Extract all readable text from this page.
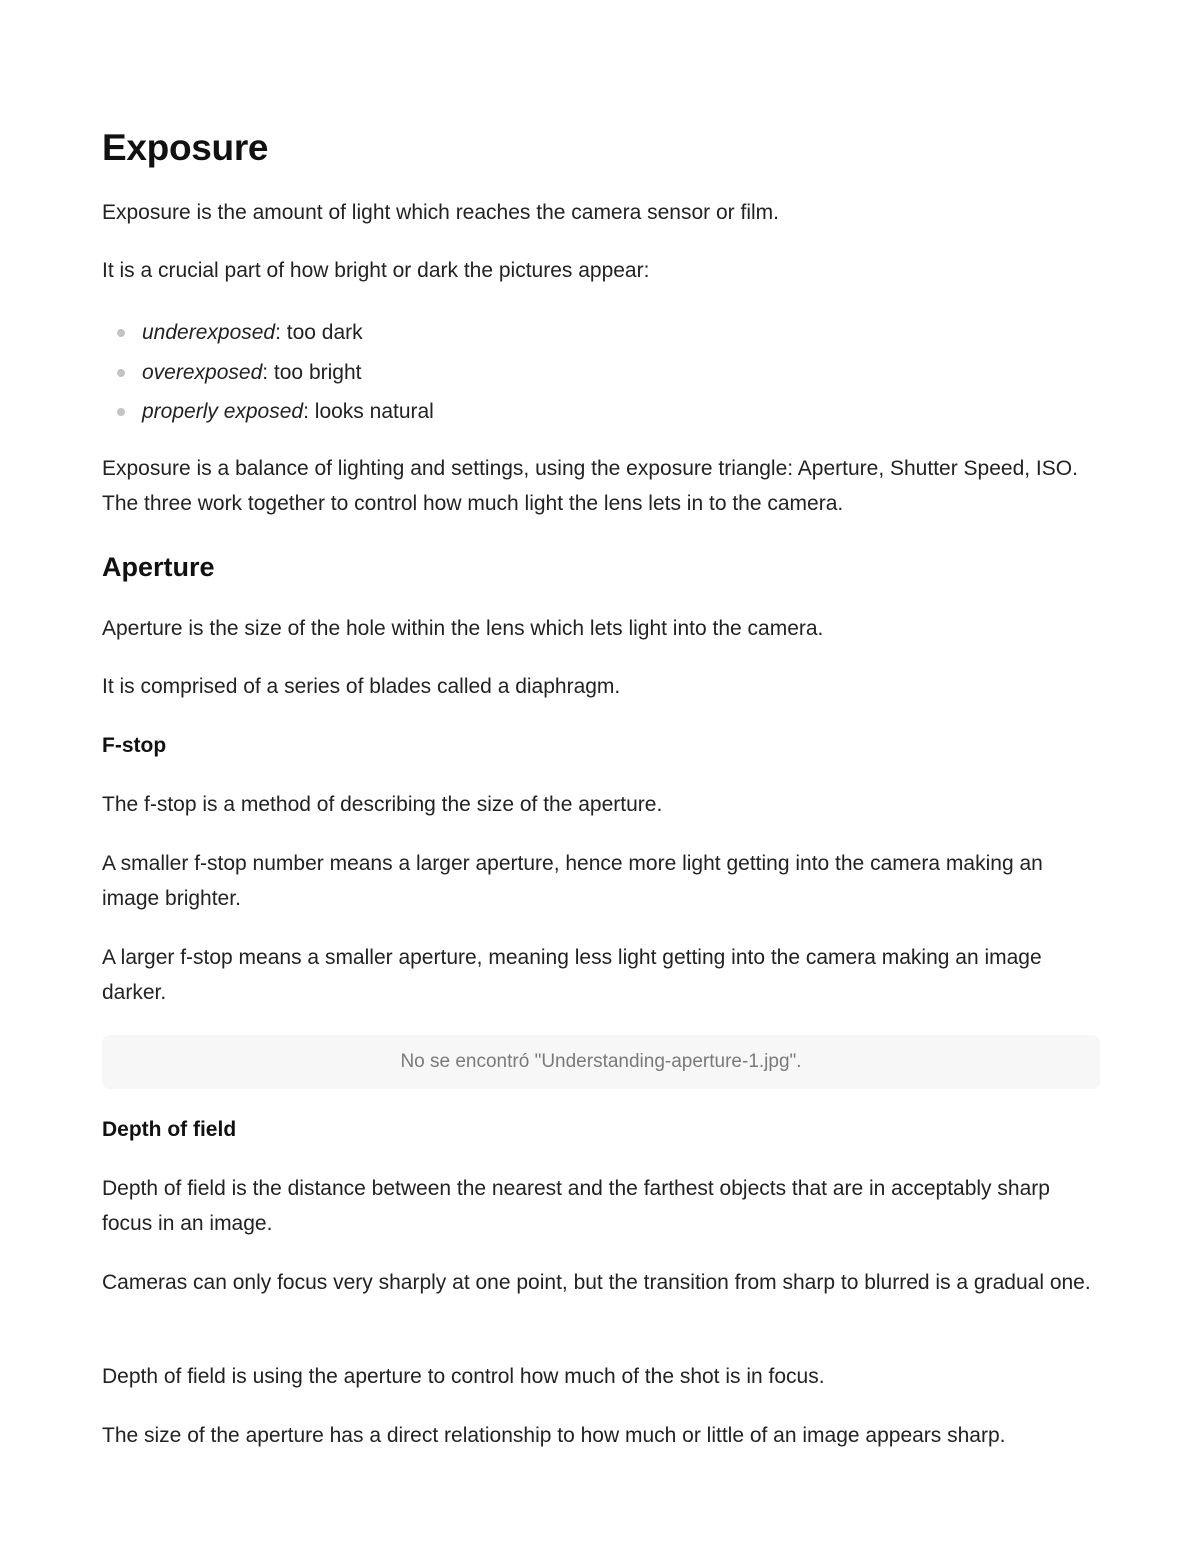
Exposure

Exposure is the amount of light which reaches the camera sensor or film.

It is a crucial part of how bright or dark the pictures appear:

underexposed: too dark
overexposed: too bright
properly exposed: looks natural

Exposure is a balance of lighting and settings, using the exposure triangle: Aperture, Shutter Speed, ISO. The three work together to control how much light the lens lets in to the camera.

Aperture

Aperture is the size of the hole within the lens which lets light into the camera.

It is comprised of a series of blades called a diaphragm.

F-stop

The f-stop is a method of describing the size of the aperture.

A smaller f-stop number means a larger aperture, hence more light getting into the camera making an image brighter.

A larger f-stop means a smaller aperture, meaning less light getting into the camera making an image darker.

No se encontró "Understanding-aperture-1.jpg".
Depth of field

Depth of field is the distance between the nearest and the farthest objects that are in acceptably sharp focus in an image.

Cameras can only focus very sharply at one point, but the transition from sharp to blurred is a gradual one.

Depth of field is using the aperture to control how much of the shot is in focus.

The size of the aperture has a direct relationship to how much or little of an image appears sharp.
